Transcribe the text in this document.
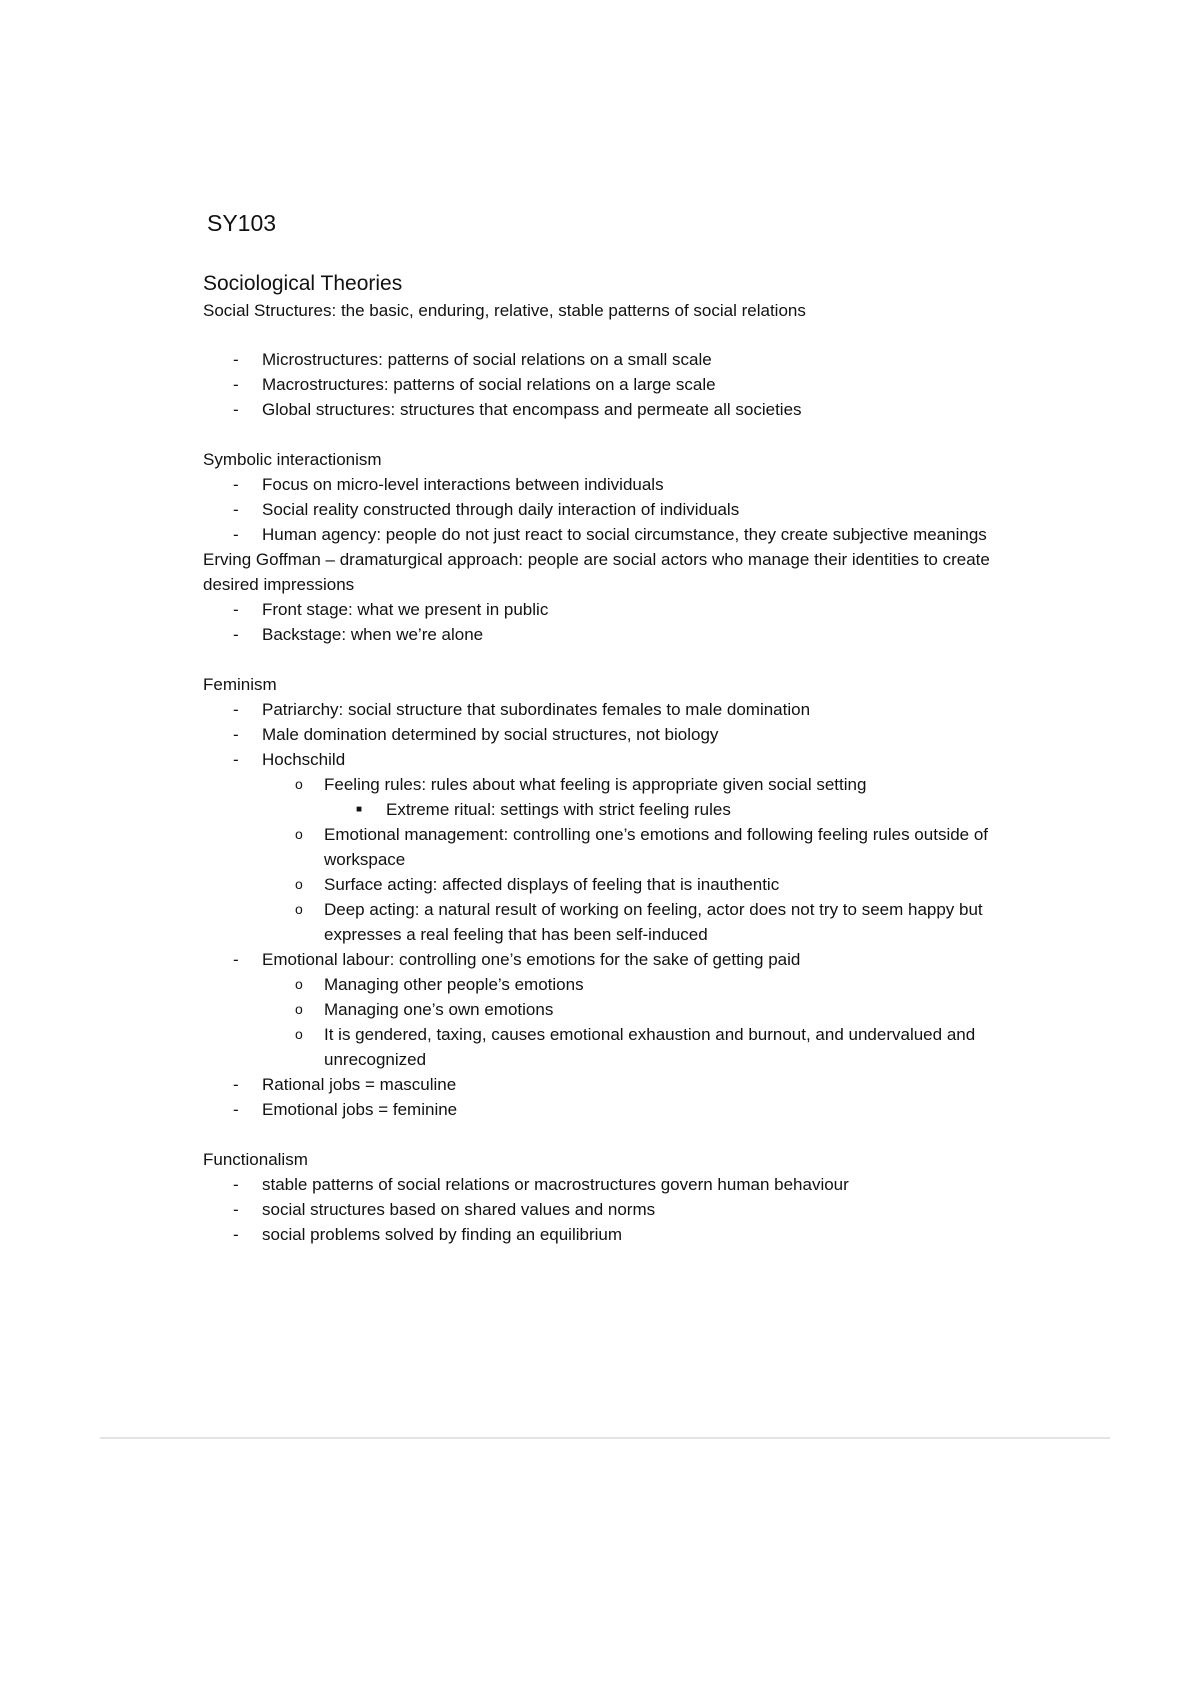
SY103
Sociological Theories

Social Structures: the basic, enduring, relative, stable patterns of social relations

- Microstructures: patterns of social relations on a small scale
- Macrostructures: patterns of social relations on a large scale
- Global structures: structures that encompass and permeate all societies

Symbolic interactionism

- Focus on micro-level interactions between individuals
- Social reality constructed through daily interaction of individuals
- Human agency: people do not just react to social circumstance, they create subjective meanings

Erving Goffman – dramaturgical approach: people are social actors who manage their identities to create desired impressions

- Front stage: what we present in public
- Backstage: when we’re alone

Feminism

- Patriarchy: social structure that subordinates females to male domination
- Male domination determined by social structures, not biology
- Hochschild
o Feeling rules: rules about what feeling is appropriate given social setting
■ Extreme ritual: settings with strict feeling rules
o Emotional management: controlling one’s emotions and following feeling rules outside of workspace
o Surface acting: affected displays of feeling that is inauthentic
o Deep acting: a natural result of working on feeling, actor does not try to seem happy but expresses a real feeling that has been self-induced
- Emotional labour: controlling one’s emotions for the sake of getting paid
o Managing other people’s emotions
o Managing one’s own emotions
o It is gendered, taxing, causes emotional exhaustion and burnout, and undervalued and unrecognized
- Rational jobs = masculine
- Emotional jobs = feminine

Functionalism

- stable patterns of social relations or macrostructures govern human behaviour
- social structures based on shared values and norms
- social problems solved by finding an equilibrium
